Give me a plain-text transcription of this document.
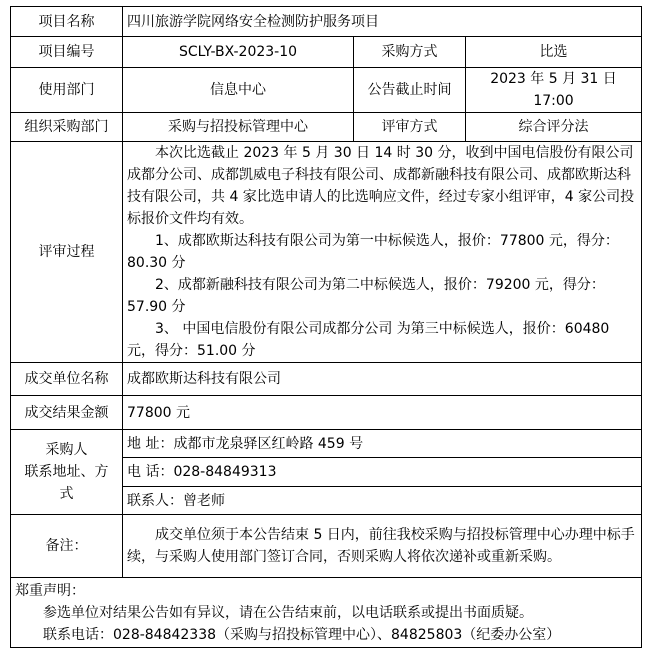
项目名称	四川旅游学院网络安全检测防护服务项目		
项目编号	SCLY-BX-2023-10	采购方式	比选
使用部门	信息中心	公告截止时间	2023 年 5 月 31 日 17:00
组织采购部门	采购与招投标管理中心	评审方式	综合评分法
评审过程	本次比选截止 2023 年 5 月 30 日 14 时 30 分，收到中国电信股份有限公司成都分公司、成都凯威电子科技有限公司、成都新融科技有限公司、成都欧斯达科技有限公司，共 4 家比选申请人的比选响应文件，经过专家小组评审，4 家公司投标报价文件均有效。

1、成都欧斯达科技有限公司为第一中标候选人，报价：77800 元，得分：80.30 分

2、成都新融科技有限公司为第二中标候选人，报价：79200 元，得分：57.90 分

3、 中国电信股份有限公司成都分公司 为第三中标候选人，报价：60480 元，得分：51.00 分		

成交单位名称	成都欧斯达科技有限公司		
成交结果金额	77800 元		

采购人
联系地址、方
式	地 址：成都市龙泉驿区红岭路 459 号		
	电 话：028-84849313		
	联系人：曾老师		
备注：	成交单位须于本公告结束 5 日内，前往我校采购与招投标管理中心办理中标手续，与采购人使用部门签订合同，否则采购人将依次递补或重新采购。		

郑重声明：
参选单位对结果公告如有异议，请在公告结束前，以电话联系或提出书面质疑。
联系电话：028-84842338（采购与招投标管理中心）、84825803（纪委办公室）			
